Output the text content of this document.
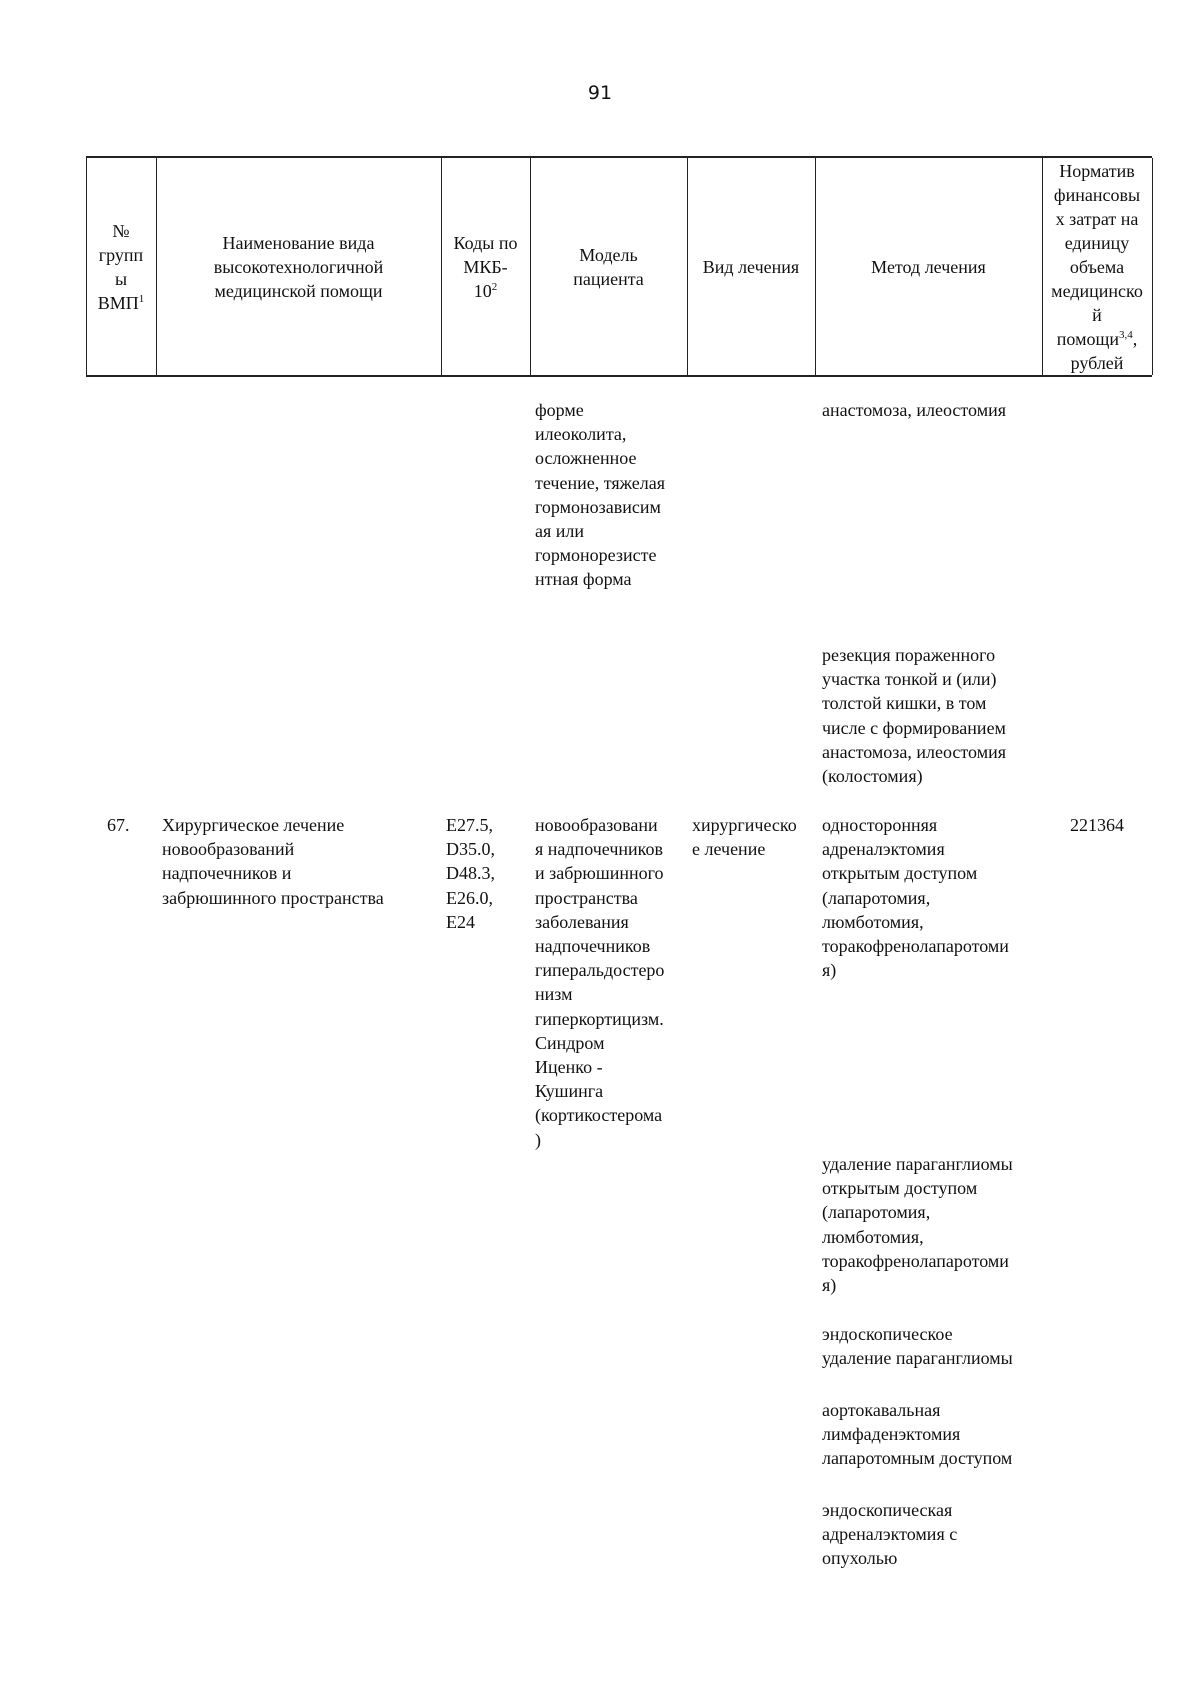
91
№
групп
ы
ВМП$^1$
Наименование вида
высокотехнологичной
медицинской помощи
Коды по
МКБ-
$10^2$
Модель
пациента
Вид лечения	Метод лечения
Норматив
финансовы
х затрат на
единицу
объема
медицинско
й
помощи$^{3,4}$,
рублей
форме
илеоколита,
осложненное
течение, тяжелая
гормонозависим
ая или
гормонорезисте
нтная форма
анастомоза, илеостомия
резекция пораженного
участка тонкой и (или)
толстой кишки, в том
числе с формированием
анастомоза, илеостомия
(колостомия)
67. Хирургическое лечение
новообразований
надпочечников и
забрюшинного пространства
E27.5,
D35.0,
D48.3,
E26.0,
E24
новообразовани
я надпочечников
и забрюшинного
пространства
заболевания
надпочечников
гиперальдостеро
низм
гиперкортицизм.
Синдром
Иценко -
Кушинга
(кортикостерома
)
хирургическо
е лечение
221364
односторонняя
адреналэктомия
открытым доступом
(лапаротомия,
люмботомия,
торакофренолапаротоми
я)
удаление параганглиомы
открытым доступом
(лапаротомия,
люмботомия,
торакофренолапаротоми
я)
эндоскопическое
удаление параганглиомы
аортокавальная
лимфаденэктомия
лапаротомным доступом
эндоскопическая
адреналэктомия с
опухолью
